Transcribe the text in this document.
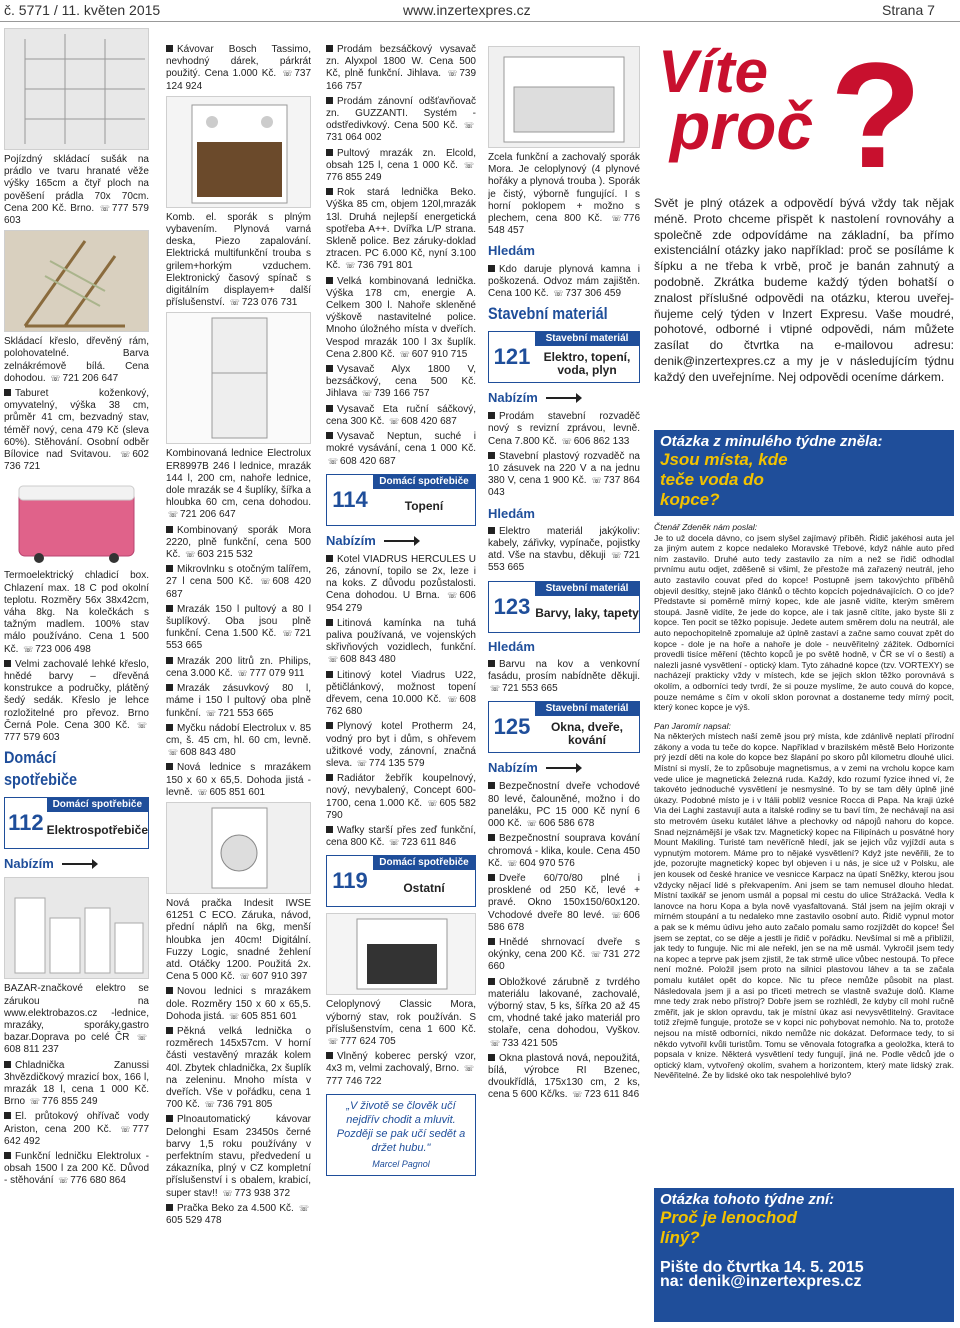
č. 5771 / 11. květen 2015	www.inzertexpres.cz	Strana 7

Pojízdný skládací sušák na prádlo ve tvaru hranaté věže výšky 165cm a čtyř ploch na pověšení prádla 70x 70cm. Cena 200 Kč. Brno. ☏ 777 579 603

Skládací křeslo, dřevěný rám, polohovatelné. Barva zelnákrémově bílá. Cena dohodou. ☏ 721 206 647

Taburet koženkový, omyvatelný, výška 38 cm, průměr 41 cm, bezvadný stav, téměř nový, cena 479 Kč (sleva 60%). Stěhování. Osobní odběr Bílovice nad Svitavou. ☏ 602 736 721

Termoelektrický chladicí box. Chlazení max. 18 C pod okolní teplotu. Rozměry 56x 38x42cm, váha 8kg. Na kolečkách s tažným madlem. 100% stav málo používáno. Cena 1 500 Kč. ☏ 723 006 498

Velmi zachovalé lehké křeslo, hnědé barvy – dřevěná konstrukce a područky, plátěný šedý sedák. Křeslo je lehce rozložitelné pro převoz. Brno Černá Pole. Cena 300 Kč. ☏777 579 603

Domácí spotřebiče
112
Domácí spotřebiče
Elektrospotřebiče
Nabízím

BAZAR-značkové elektro se zárukou na www.elektrobazos.cz -lednice, mrazáky, sporáky,gastro bazar.Doprava po celé ČR ☏608 811 237

Chladnička Zanussi 3hvězdičkový mrazicí box, 166 l, mrazák 18 l, cena 1 000 Kč. Brno ☏ 776 855 249

El. průtokový ohřívač vody Ariston, cena 200 Kč. ☏ 777 642 492

Funkční ledničku Elektrolux - obsah 1500 l za 200 Kč. Důvod - stěhování ☏ 776 680 864

Kávovar Bosch Tassimo, nevhodný dárek, párkrát použitý. Cena 1.000 Kč. ☏ 737 124 924

Komb. el. sporák s plným vybavením. Plynová varná deska, Piezo zapalování. Elektrická multifunkční trouba s grilem+horkým vzduchem. Elektronický časový spínač s digitálním displayem+ další příslušenství. ☏ 723 076 731

Kombinovaná lednice Electrolux ER8997B 246 l lednice, mrazák 144 l, 200 cm, nahoře lednice, dole mrazák se 4 šuplíky, šířka a hloubka 60 cm, cena dohodou. ☏ 721 206 647

Kombinovaný sporák Mora 2220, plně funkční, cena 500 Kč. ☏ 603 215 532

Mikrovlnku s otočným talířem, 27 l cena 500 Kč. ☏ 608 420 687

Mrazák 150 l pultový a 80 l šuplíkový. Oba jsou plně funkční. Cena 1.500 Kč. ☏ 721 553 665

Mrazák 200 litrů zn. Philips, cena 3.000 Kč. ☏ 777 079 911

Mrazák zásuvkový 80 l, máme i 150 l pultový oba plně funkční. ☏ 721 553 665

Myčku nádobí Electrolux v. 85 cm, š. 45 cm, hl. 60 cm, levně. ☏ 608 843 480

Nová lednice s mrazákem 150 x 60 x 65,5. Dohoda jistá - levně. ☏ 605 851 601

Nová pračka Indesit IWSE 61251 C ECO. Záruka, návod, přední náplň na 6kg, menší hloubka jen 40cm! Digitální. Fuzzy Logic, snadné žehlení atd. Otáčky 1200. Použitá 2x. Cena 5 000 Kč. ☏ 607 910 397

Novou lednici s mrazákem dole. Rozměry 150 x 60 x 65,5. Dohoda jistá. ☏ 605 851 601

Pěkná velká lednička o rozměrech 145x57cm. V horní části vestavěný mrazák kolem 40l. Zbytek chladnička, 2x šuplík na zeleninu. Mnoho místa v dveřích. Vše v pořádku, cena 1 700 Kč. ☏ 736 791 805

Plnoautomatický kávovar Delonghi Esam 23450s černé barvy 1,5 roku používány v perfektním stavu, předvedení u zákazníka, plný v CZ kompletní příslušenství i s obalem, krabicí, super stav!! ☏ 773 938 372

Pračka Beko za 4.500 Kč. ☏605 529 478

Prodám bezsáčkový vysavač zn. Alyxpol 1800 W. Cena 500 Kč, plně funkční. Jihlava. ☏ 739 166 757

Prodám zánovní odšťavňovač zn. GUZZANTI. Systém - odstředivkový. Cena 500 Kč. ☏731 064 002

Pultový mrazák zn. Elcold, obsah 125 l, cena 1 000 Kč. ☏776 855 249

Rok stará lednička Beko. Výška 85 cm, objem 120l,mrazák 13l. Druhá nejlepší energetická spotřeba A++. Dvířka L/P strana. Skleně police. Bez záruky-doklad ztracen. PC 6.000 Kč, nyní 3.100 Kč. ☏ 736 791 801

Velká kombinovaná lednička. Výška 178 cm, energie A. Celkem 300 l. Nahoře skleněné výškově nastavitelné police. Mnoho úložného místa v dveřích. Vespod mrazák 100 l 3x šuplík. Cena 2.800 Kč. ☏ 607 910 715

Vysavač Alyx 1800 V, bezsáčkový, cena 500 Kč. Jihlava ☏ 739 166 757

Vysavač Eta ruční sáčkový, cena 300 Kč. ☏ 608 420 687

Vysavač Neptun, suché i mokré vysávání, cena 1 000 Kč. ☏ 608 420 687

114
Domácí spotřebiče
Topení
Nabízím

Kotel VIADRUS HERCULES U 26, zánovní, topilo se 2x, leze i na koks. Z důvodu pozůstalosti. Cena dohodou. U Brna. ☏ 606 954 279

Litinová kamínka na tuhá paliva používaná, ve vojenských skřivňových vozidlech, funkční. ☏ 608 843 480

Litinový kotel Viadrus U22, pětičlánkový, možnost topení dřevem, cena 10.000 Kč. ☏ 608 762 680

Plynový kotel Protherm 24, vodný pro byt i dům, s ohřevem užitkové vody, zánovní, značná sleva. ☏ 774 135 579

Radiátor žebřík koupelnový, nový, nevybalený, Concept 600-1700, cena 1.000 Kč. ☏ 605 582 790

Wafky starší přes zeď funkční, cena 800 Kč. ☏ 723 611 846

119
Domácí spotřebiče
Ostatní

Celoplynový Classic Mora, výborný stav, rok používán. S příslušenstvím, cena 1 600 Kč. ☏ 777 624 705

Vlněný koberec perský vzor, 4x3 m, velmi zachovalý, Brno. ☏777 746 722

„V životě se člověk učí nejdřív chodit a mluvit. Později se pak učí sedět a držet hubu."
Marcel Pagnol

Zcela funkční a zachovalý sporák Mora. Je celoplynový (4 plynové hořáky a plynová trouba ). Sporák je čistý, výborně fungující. I s horní poklopem + možno s plechem, cena 800 Kč. ☏ 776 548 457

Hledám

Kdo daruje plynová kamna i poškozená. Odvoz mám zajištěn. Cena 100 Kč. ☏ 737 306 459

Stavební materiál
121
Stavební materiál
Elektro, topení, voda, plyn
Nabízím

Prodám stavební rozvaděč nový s revizní zprávou, levně. Cena 7.800 Kč. ☏ 606 862 133

Stavební plastový rozvaděč na 10 zásuvek na 220 V a na jednu 380 V, cena 1 900 Kč. ☏ 737 864 043

Hledám

Elektro materiál jakýkoliv: kabely, zářivky, vypínače, pojistky atd. Vše na stavbu, děkuji ☏ 721 553 665

123
Stavební materiál
Barvy, laky, tapety
Hledám

Barvu na kov a venkovní fasádu, prosím nabídněte děkuji. ☏ 721 553 665

125
Stavební materiál
Okna, dveře, kování
Nabízím

Bezpečnostní dveře vchodové 80 levé, čalouněné, možno i do paneláku, PC 15 000 Kč nyní 6 000 Kč. ☏ 606 586 678

Bezpečnostní souprava kování chromová - klika, koule. Cena 450 Kč. ☏ 604 970 576

Dveře 60/70/80 plné i prosklené od 250 Kč, levé + pravé. Okno 150x150/60x120. Vchodové dveře 80 levé. ☏ 606 586 678

Hnědé shrnovací dveře s okýnky, cena 200 Kč. ☏ 731 272 660

Obložkové zárubně z tvrdého materiálu lakované, zachovalé, výborný stav, 5 ks, šířka 20 až 45 cm, vhodné také jako materiál pro stolaře, cena dohodou, Vyškov. ☏ 733 421 505

Okna plastová nová, nepoužitá, bílá, výrobce RI Bzenec, dvoukřídlá, 175x130 cm, 2 ks, cena 5 600 Kč/ks. ☏ 723 611 846

Víte
proč ?
Svět je plný otázek a odpovědí bývá vždy tak nějak méně. Proto chceme přispět k nastolení rovnováhy a společně zde odpovídáme na základní, ba přímo existenciální otázky jako například: proč se posíláme k šípku a ne třeba k vrbě, proč je banán zahnutý a podobně. Zkrátka budeme každý týden bohatší o znalost příslušné odpovědi na otázku, kterou uveřej- ňujeme celý týden v Inzert Expresu. Vaše moudré, pohotové, odborné i vtipné odpovědi, nám můžete zasílat do čtvrtka na e-mailovou adresu: denik@inzertexpres.cz a my je v následujícím týdnu každý den uveřejníme. Nej odpovědi oceníme dárkem.
Otázka z minulého týdne zněla:
Jsou místa, kde teče voda do kopce?
Čtenář Zdeněk nám poslal:
Je to už docela dávno, co jsem slyšel zajímavý příběh. Řidič jakéhosi auta jel za jiným autem z kopce nedaleko Moravské Třebové, když náhle auto před ním zastavilo. Druhé auto tedy zastavilo za ním a než se řidič odhodlal prvnímu autu odjet, zděšeně si všiml, že přestože má zařazený neutrál, jeho auto zastavilo couvat před do kopce! Postupně jsem takovýchto příběhů objevil desítky, stejně jako článků o těchto kopcích pojednávajících. O co jde? Představte si poměrně mírný kopec, kde ale jasně vidíte, kterým směrem stoupá. Jasně vidíte, že jede do kopce, ale i tak jasně cítíte, jako byste šli z kopce. Ten pocit se těžko popisuje. Jedete autem směrem dolu na neutrál, ale auto nepochopitelně zpomaluje až úplně zastaví a začne samo couvat zpět do kopce - dole je na hoře a nahoře je dole - neuvěřitelný zážitek. Odborníci provedli tisíce měření (těchto kopců je po světě hodně, v ČR se ví o šesti) a nalezli jasné vysvětlení - optický klam. Tyto záhadné kopce (tzv. VORTEXY) se nacházejí prakticky vždy v místech, kde se jejich sklon těžko porovnává s okolím, a odborníci tedy tvrdí, že si pouze myslíme, že auto couvá do kopce, pouze nemáme s čím v okolí sklon porovnat a dostaneme tedy mírný pocit, který konec kopce je výš.
Pan Jaromír napsal:
Na některých místech naší země jsou prý místa, kde zdánlivě neplatí přírodní zákony a voda tu teče do kopce. Například v brazilském městě Belo Horizonte prý jezdí děti na kole do kopce bez šlapání po skoro půl kilometru dlouhé ulici. Místní si myslí, že to způsobuje magnetismus, a v zemi na vrcholu kopce kam vede ulice je magnetická železná ruda. Každý, kdo rozumí fyzice ihned ví, že takovéto jednoduché vysvětlení je nesmyslné. To by se tam děly úplně jiné úkazy. Podobné místo je i v Itálii poblíž vesnice Rocca di Papa. Na kraji úzké Via dei Laghi zastavují auta a italské rodiny se tu baví tím, že nechávají na asi sto metrovém úseku kutálet láhve a plechovky od nápojů nahoru do kopce. Snad nejznámější je však tzv. Magnetický kopec na Filipínách u posvátné hory Mount Makiling. Turisté tam nevěřícně hledí, jak se jejich vůz vyjíždí auta s vypnutým motorem. Máme pro to nějaké vysvětlení? Když jste nevěřili, že to jde, pozorujte magnetický kopec byl objeven i u nás, je sice už v Polsku, ale jen kousek od české hranice ve vesnicce Karpacz na úpatí Sněžky, kterou jsou vždycky nějací lidé s překvapením. Ani jsem se tam nemusel dlouho hledat. Místní taxikář se jenom usmál a popsal mi cestu do ulice Strážacká. Vedla k lanovce na horu Kopa a byla nově vyasfaltovaná. Stál jsem na jejím okraji v mírném stoupání a tu nedaleko mne zastavilo osobní auto. Řidič vypnul motor a pak se k mému údivu jeho auto začalo pomalu samo rozjíždět do kopce! Šel jsem se zeptat, co se děje a jestli je řidič v pořádku. Nevšímal si mě a přiblížil, jak tedy to funguje. Nic mi ale neřekl, jen se na mě usmál. Vykročil jsem tedy na kopec a teprve pak jsem zjistil, že tak strmě ulice vůbec nestoupá. To přece není možné. Položil jsem proto na silnici plastovou láhev a ta se začala pomalu kutálet opět do kopce. Nic tu přece nemůže působit na plast. Následovala jsem ji a asi po třiceti metrech se vlastně svažuje dolů. Klame mne tedy zrak nebo přístroj? Dobře jsem se rozhlédl, že kdyby cíl mohl ručně změřit, jak je sklon opravdu, tak je místní úkaz asi nevysvětlitelný. Gravitace totiž zřejmě funguje, protože se v kopci nic pohybovat nemohlo. Na to, protože nejsou na místě odborníci, nikdo nemůže nic dokázat. Deformace tedy, to si někdo vytvořil kvůli turistům. Tomu se věnovala fotografka a geoložka, která to popsala v knize. Některá vysvětlení tedy fungují, jiná ne. Podle vědců jde o optický klam, vytvořený okolím, svahem a horizontem, který mate lidský zrak. Nevěřitelné. Že by lidské oko tak nespolehlivé bylo?
Otázka tohoto týdne zní:
Proč je lenochod líný?
Pište do čtvrtka 14. 5. 2015
na: denik@inzertexpres.cz
